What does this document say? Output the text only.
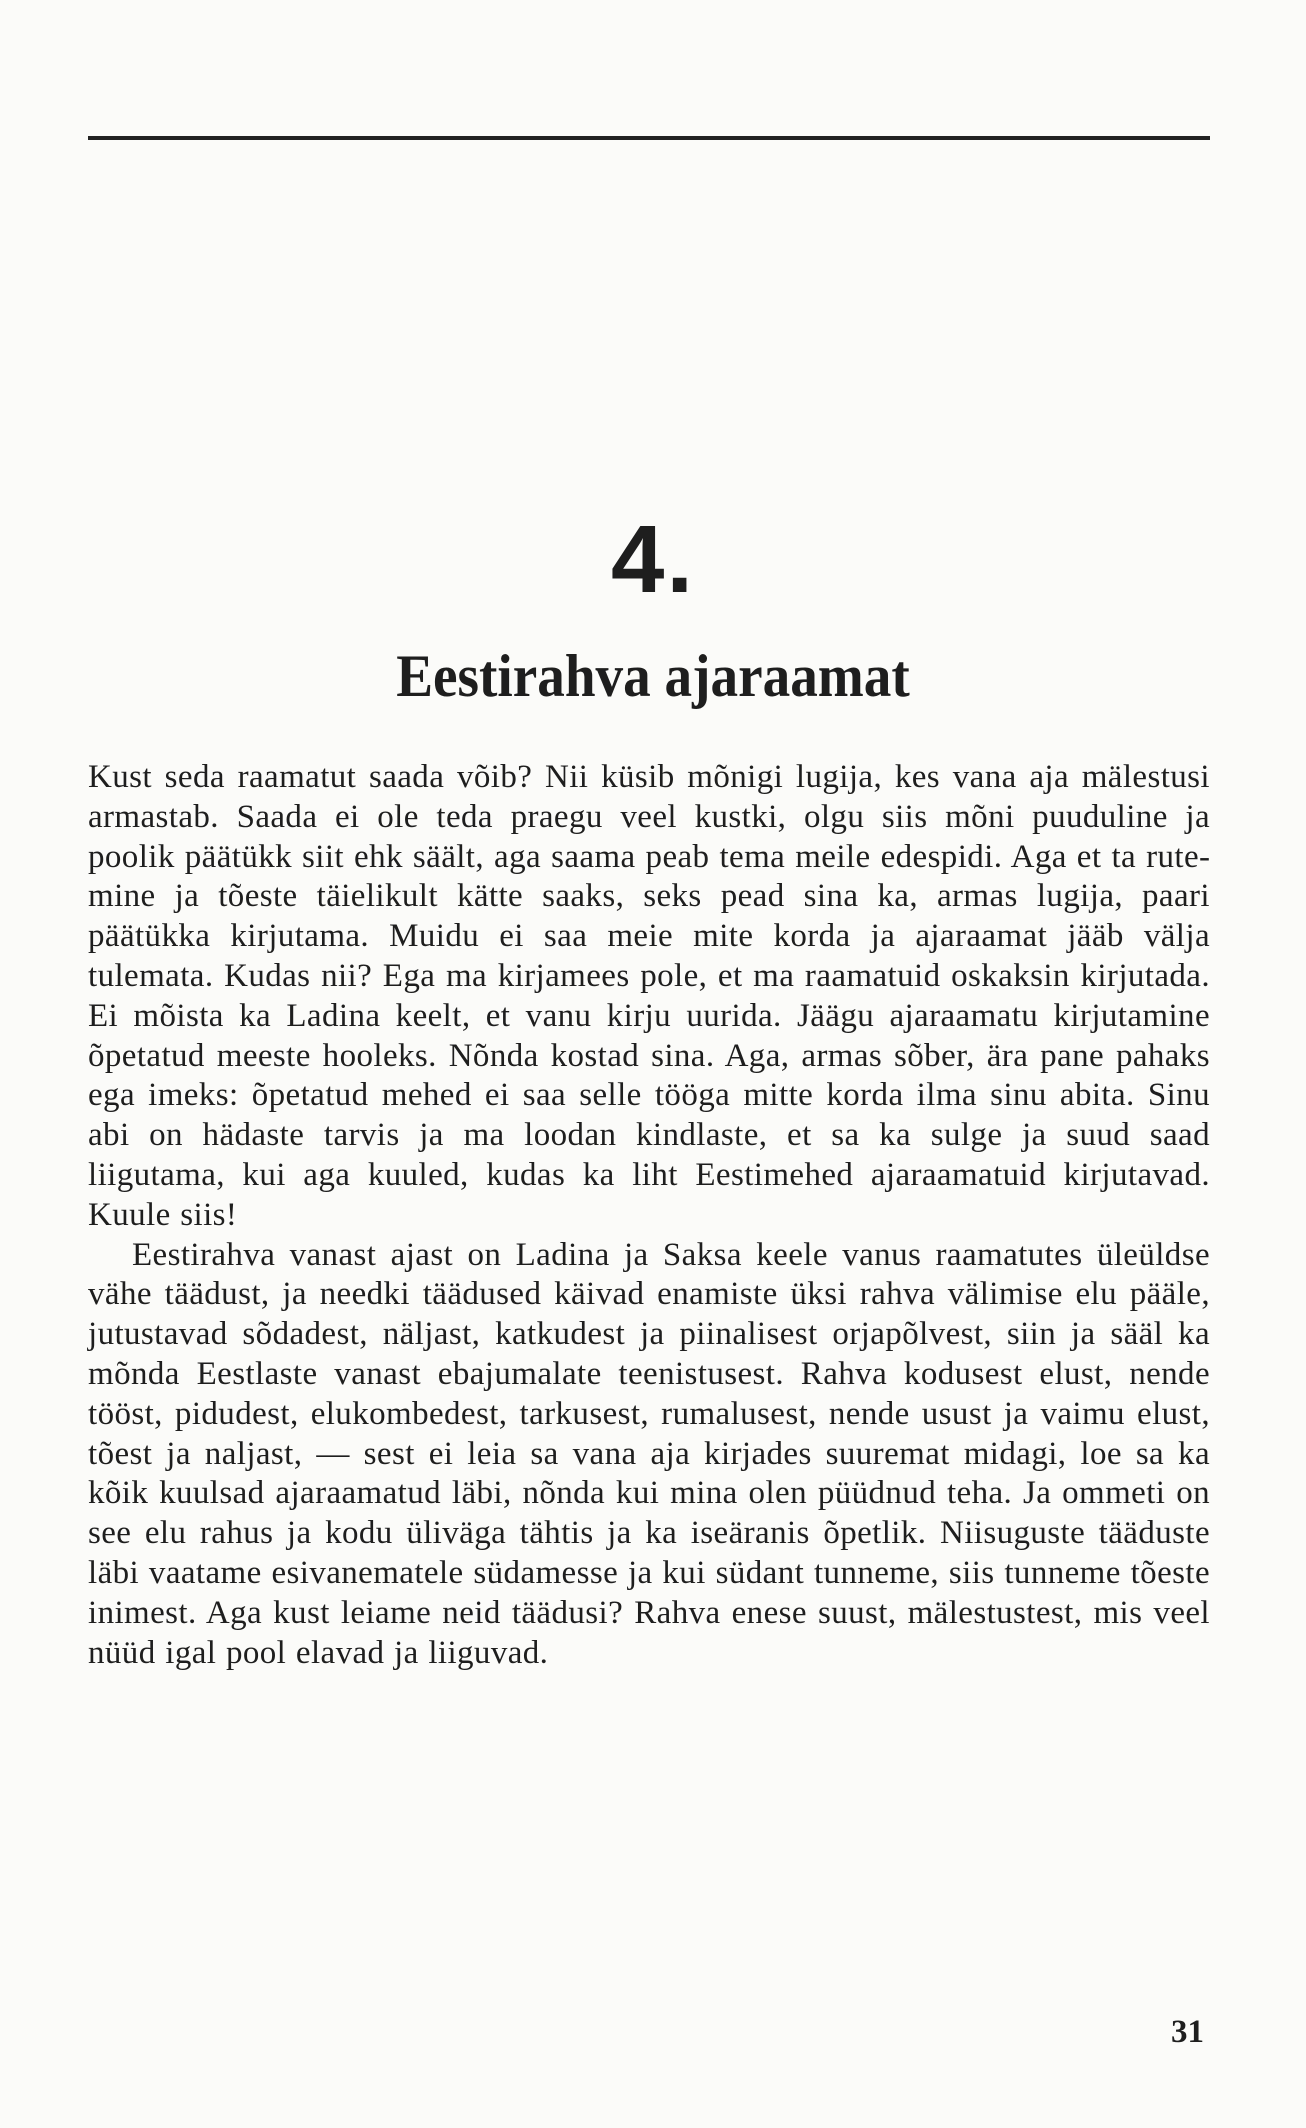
4.
Eestirahva ajaraamat

Kust seda raamatut saada võib? Nii küsib mõnigi lugija, kes vana aja mälestusi armastab. Saada ei ole teda praegu veel kustki, olgu siis mõni puuduline ja poolik päätükk siit ehk säält, aga saama peab tema meile edespidi. Aga et ta rutemine ja tõeste täielikult kätte saaks, seks pead sina ka, armas lugija, paari päätükka kirjutama. Muidu ei saa meie mite korda ja ajaraamat jääb välja tulemata. Kudas nii? Ega ma kirjamees pole, et ma raamatuid oskaksin kirjutada. Ei mõista ka Ladina keelt, et vanu kirju uurida. Jäägu ajaraamatu kirjutamine õpetatud meeste hooleks. Nõnda kostad sina. Aga, armas sõber, ära pane pahaks ega imeks: õpetatud mehed ei saa selle tööga mitte korda ilma sinu abita. Sinu abi on hädaste tarvis ja ma loodan kindlaste, et sa ka sulge ja suud saad liigutama, kui aga kuuled, kudas ka liht Eestimehed ajaraamatuid kirjutavad. Kuule siis!

Eestirahva vanast ajast on Ladina ja Saksa keele vanus raamatutes üleüldse vähe täädust, ja needki täädused käivad enamiste üksi rahva välimise elu pääle, jutustavad sõdadest, näljast, katkudest ja piinalisest orjapõlvest, siin ja sääl ka mõnda Eestlaste vanast ebajumalate teenistusest. Rahva kodusest elust, nende tööst, pidudest, elukombedest, tarkusest, rumalusest, nende usust ja vaimu elust, tõest ja naljast, — sest ei leia sa vana aja kirjades suuremat midagi, loe sa ka kõik kuulsad ajaraamatud läbi, nõnda kui mina olen püüdnud teha. Ja ommeti on see elu rahus ja kodu üliväga tähtis ja ka iseäranis õpetlik. Niisuguste tääduste läbi vaatame esivanematele südamesse ja kui südant tunneme, siis tunneme tõeste inimest. Aga kust leiame neid täädusi? Rahva enese suust, mälestustest, mis veel nüüd igal pool elavad ja liiguvad.

31
